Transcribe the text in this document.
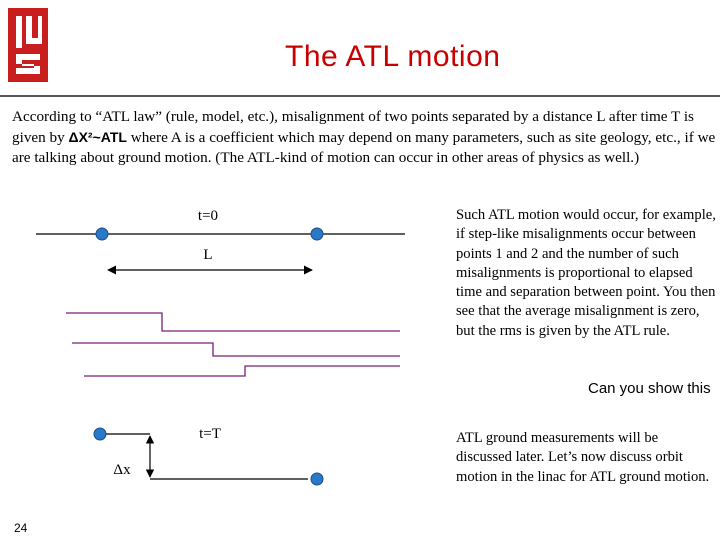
The ATL motion
According to “ATL law” (rule, model, etc.), misalignment of two points separated by a distance L after time T is given by ΔX²~ATL where A is a coefficient which may depend on many parameters, such as site geology, etc., if we are talking about ground motion. (The ATL-kind of motion can occur in other areas of physics as well.)
t=0
L
t=T
Δx
Such ATL motion would occur, for example, if step-like misalignments occur between points 1 and 2 and the number of such misalignments is proportional to elapsed time and separation between point. You then see that the average misalignment is zero, but the rms is given by the ATL rule.
Can you show this
ATL ground measurements will be discussed later. Let’s now discuss orbit motion in the linac for ATL ground motion.
24
